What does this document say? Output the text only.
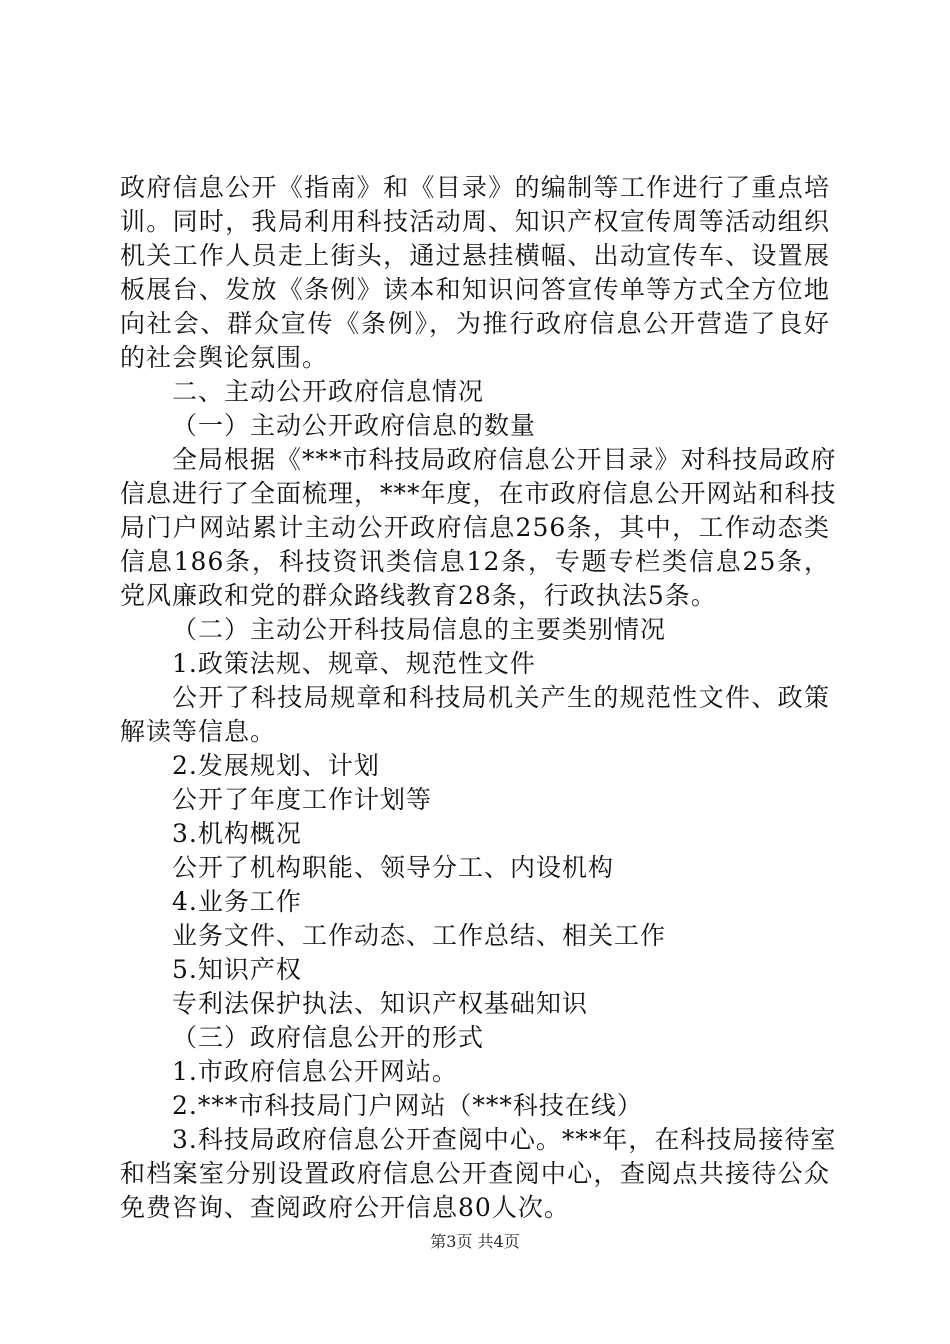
政府信息公开《指南》和《目录》的编制等工作进行了重点培
训。同时，我局利用科技活动周、知识产权宣传周等活动组织
机关工作人员走上街头，通过悬挂横幅、出动宣传车、设置展
板展台、发放《条例》读本和知识问答宣传单等方式全方位地
向社会、群众宣传《条例》，为推行政府信息公开营造了良好
的社会舆论氛围。
二、主动公开政府信息情况
（一）主动公开政府信息的数量
全局根据《***市科技局政府信息公开目录》对科技局政府
信息进行了全面梳理，***年度，在市政府信息公开网站和科技
局门户网站累计主动公开政府信息256条，其中，工作动态类
信息186条，科技资讯类信息12条，专题专栏类信息25条，
党风廉政和党的群众路线教育28条，行政执法5条。
（二）主动公开科技局信息的主要类别情况
1.政策法规、规章、规范性文件
公开了科技局规章和科技局机关产生的规范性文件、政策
解读等信息。
2.发展规划、计划
公开了年度工作计划等
3.机构概况
公开了机构职能、领导分工、内设机构
4.业务工作
业务文件、工作动态、工作总结、相关工作
5.知识产权
专利法保护执法、知识产权基础知识
（三）政府信息公开的形式
1.市政府信息公开网站。
2.***市科技局门户网站（***科技在线）
3.科技局政府信息公开查阅中心。***年，在科技局接待室
和档案室分别设置政府信息公开查阅中心，查阅点共接待公众
免费咨询、查阅政府公开信息80人次。
第3页 共4页
